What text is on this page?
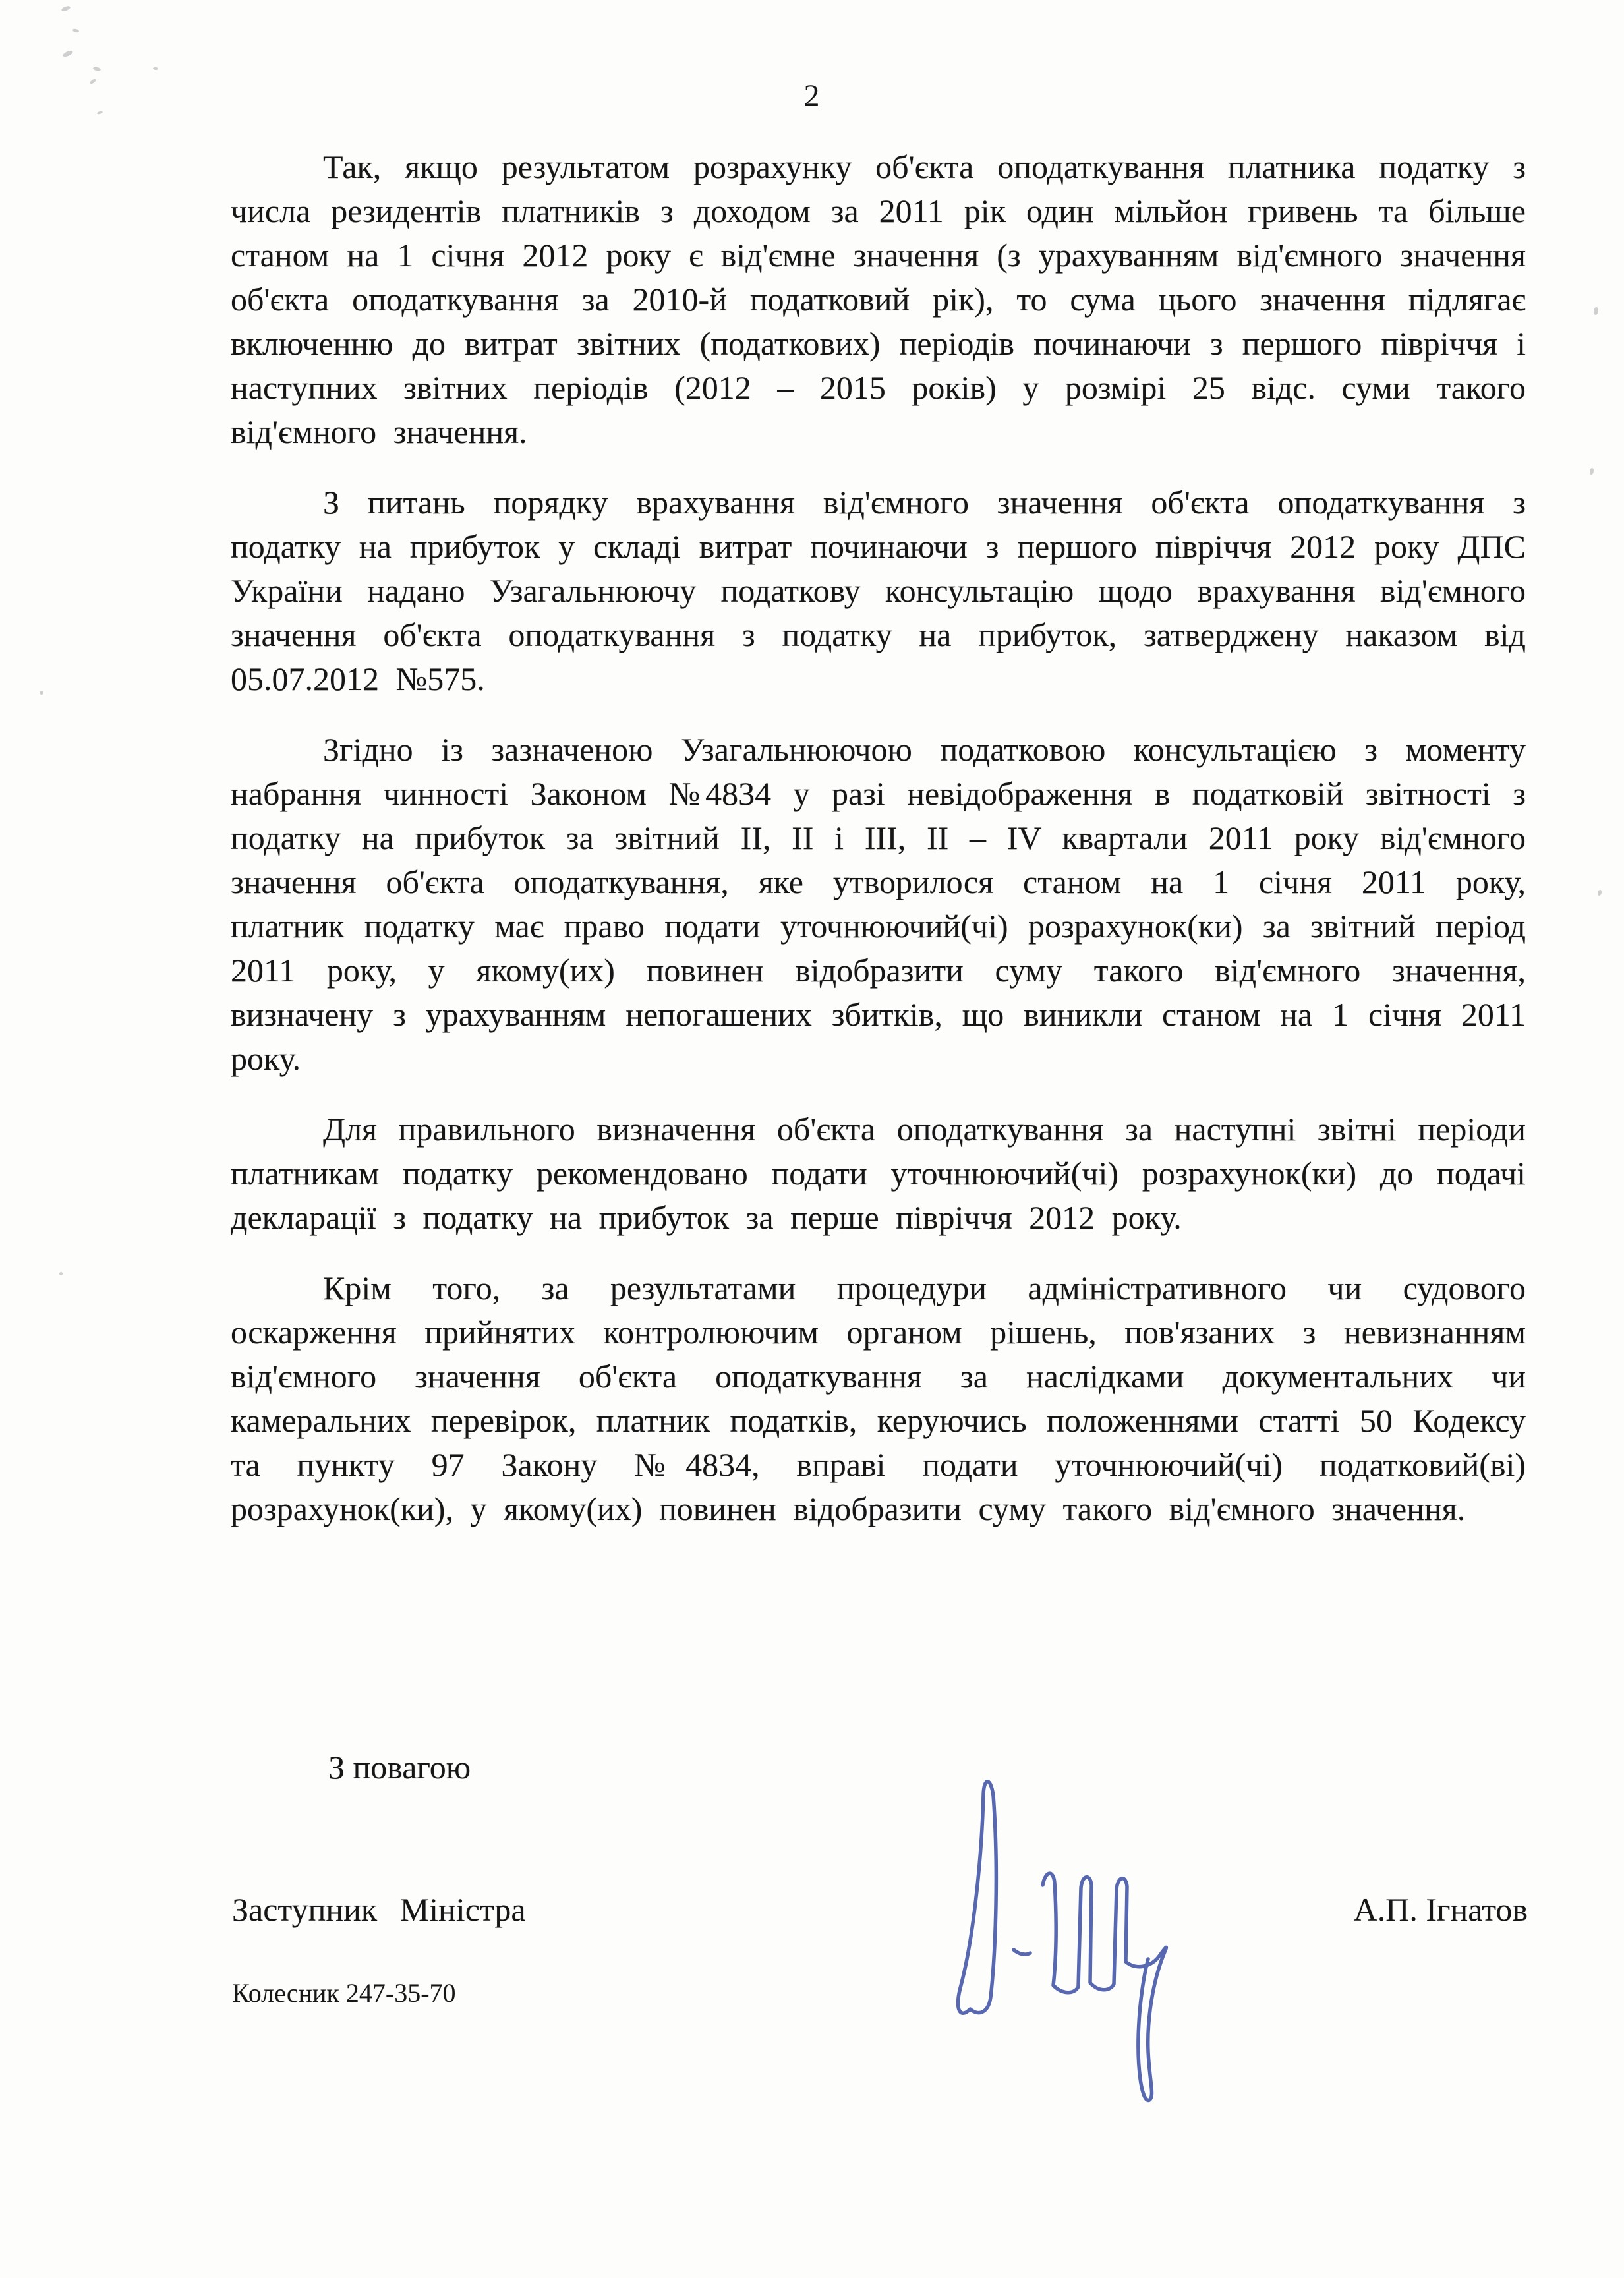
2

Так, якщо результатом розрахунку об'єкта оподаткування платника податку з числа резидентів платників з доходом за 2011 рік один мільйон гривень та більше станом на 1 січня 2012 року є від'ємне значення (з урахуванням від'ємного значення об'єкта оподаткування за 2010-й податковий рік), то сума цього значення підлягає включенню до витрат звітних (податкових) періодів починаючи з першого півріччя і наступних звітних періодів (2012 – 2015 років) у розмірі 25 відс. суми такого від'ємного значення.

З питань порядку врахування від'ємного значення об'єкта оподаткування з податку на прибуток у складі витрат починаючи з першого півріччя 2012 року ДПС України надано Узагальнюючу податкову консультацію щодо врахування від'ємного значення об'єкта оподаткування з податку на прибуток, затверджену наказом від 05.07.2012 №575.

Згідно із зазначеною Узагальнюючою податковою консультацією з моменту набрання чинності Законом №4834 у разі невідображення в податковій звітності з податку на прибуток за звітний ІІ, ІІ і ІІІ, ІІ – ІV квартали 2011 року від'ємного значення об'єкта оподаткування, яке утворилося станом на 1 січня 2011 року, платник податку має право подати уточнюючий(чі) розрахунок(ки) за звітний період 2011 року, у якому(их) повинен відобразити суму такого від'ємного значення, визначену з урахуванням непогашених збитків, що виникли станом на 1 січня 2011 року.

Для правильного визначення об'єкта оподаткування за наступні звітні періоди платникам податку рекомендовано подати уточнюючий(чі) розрахунок(ки) до подачі декларації з податку на прибуток за перше півріччя 2012 року.

Крім того, за результатами процедури адміністративного чи судового оскарження прийнятих контролюючим органом рішень, пов'язаних з невизнанням від'ємного значення об'єкта оподаткування за наслідками документальних чи камеральних перевірок, платник податків, керуючись положеннями статті 50 Кодексу та пункту 97 Закону №4834, вправі подати уточнюючий(чі) податковий(ві) розрахунок(ки), у якому(их) повинен відобразити суму такого від'ємного значення.

З повагою
Заступник Міністра	А.П. Ігнатов
Колесник 247-35-70
